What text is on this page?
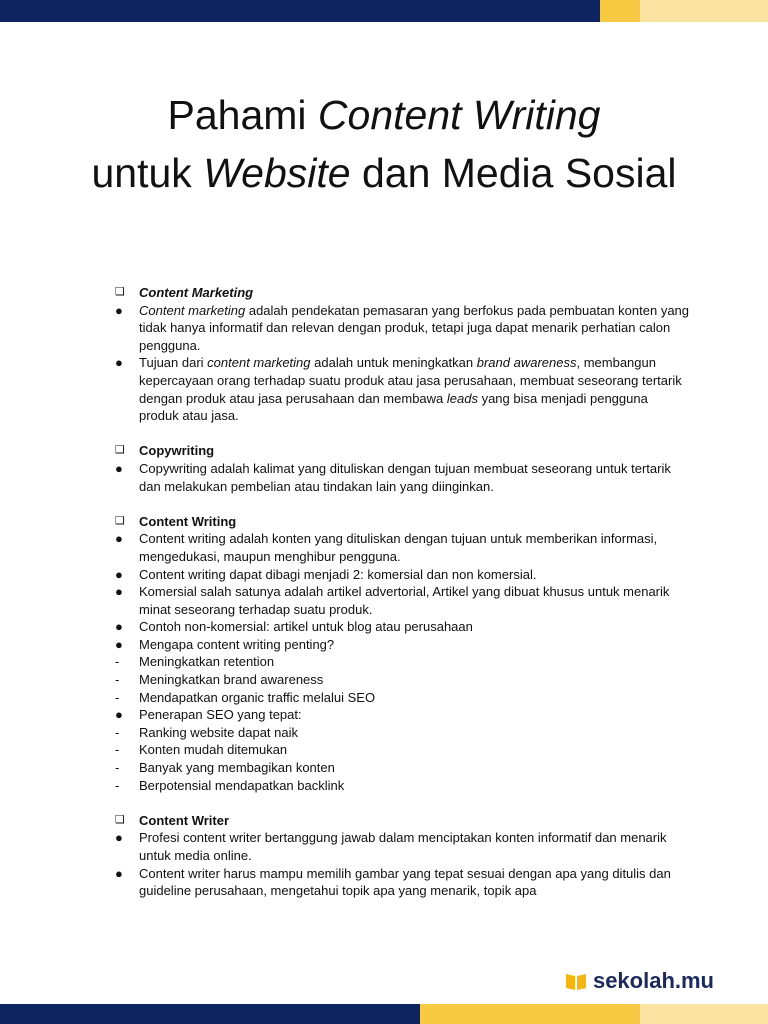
Pahami Content Writing
untuk Website dan Media Sosial
❑	Content Marketing
●	Content marketing adalah pendekatan pemasaran yang berfokus pada pembuatan konten yang tidak hanya informatif dan relevan dengan produk, tetapi juga dapat menarik perhatian calon pengguna.
●	Tujuan dari content marketing adalah untuk meningkatkan brand awareness, membangun kepercayaan orang terhadap suatu produk atau jasa perusahaan, membuat seseorang tertarik dengan produk atau jasa perusahaan dan membawa leads yang bisa menjadi pengguna produk atau jasa.
❑	Copywriting
●	Copywriting adalah kalimat yang dituliskan dengan tujuan membuat seseorang untuk tertarik dan melakukan pembelian atau tindakan lain yang diinginkan.
❑	Content Writing
●	Content writing adalah konten yang dituliskan dengan tujuan untuk memberikan informasi, mengedukasi, maupun menghibur pengguna.
●	Content writing dapat dibagi menjadi 2: komersial dan non komersial.
●	Komersial salah satunya adalah artikel advertorial, Artikel yang dibuat khusus untuk menarik minat seseorang terhadap suatu produk.
●	Contoh non-komersial: artikel untuk blog atau perusahaan
●	Mengapa content writing penting?
-	Meningkatkan retention
-	Meningkatkan brand awareness
-	Mendapatkan organic traffic melalui SEO
●	Penerapan SEO yang tepat:
-	Ranking website dapat naik
-	Konten mudah ditemukan
-	Banyak yang membagikan konten
-	Berpotensial mendapatkan backlink
❑	Content Writer
●	Profesi content writer bertanggung jawab dalam menciptakan konten informatif dan menarik untuk media online.
●	Content writer harus mampu memilih gambar yang tepat sesuai dengan apa yang ditulis dan guideline perusahaan, mengetahui topik apa yang menarik, topik apa
sekolah.mu
